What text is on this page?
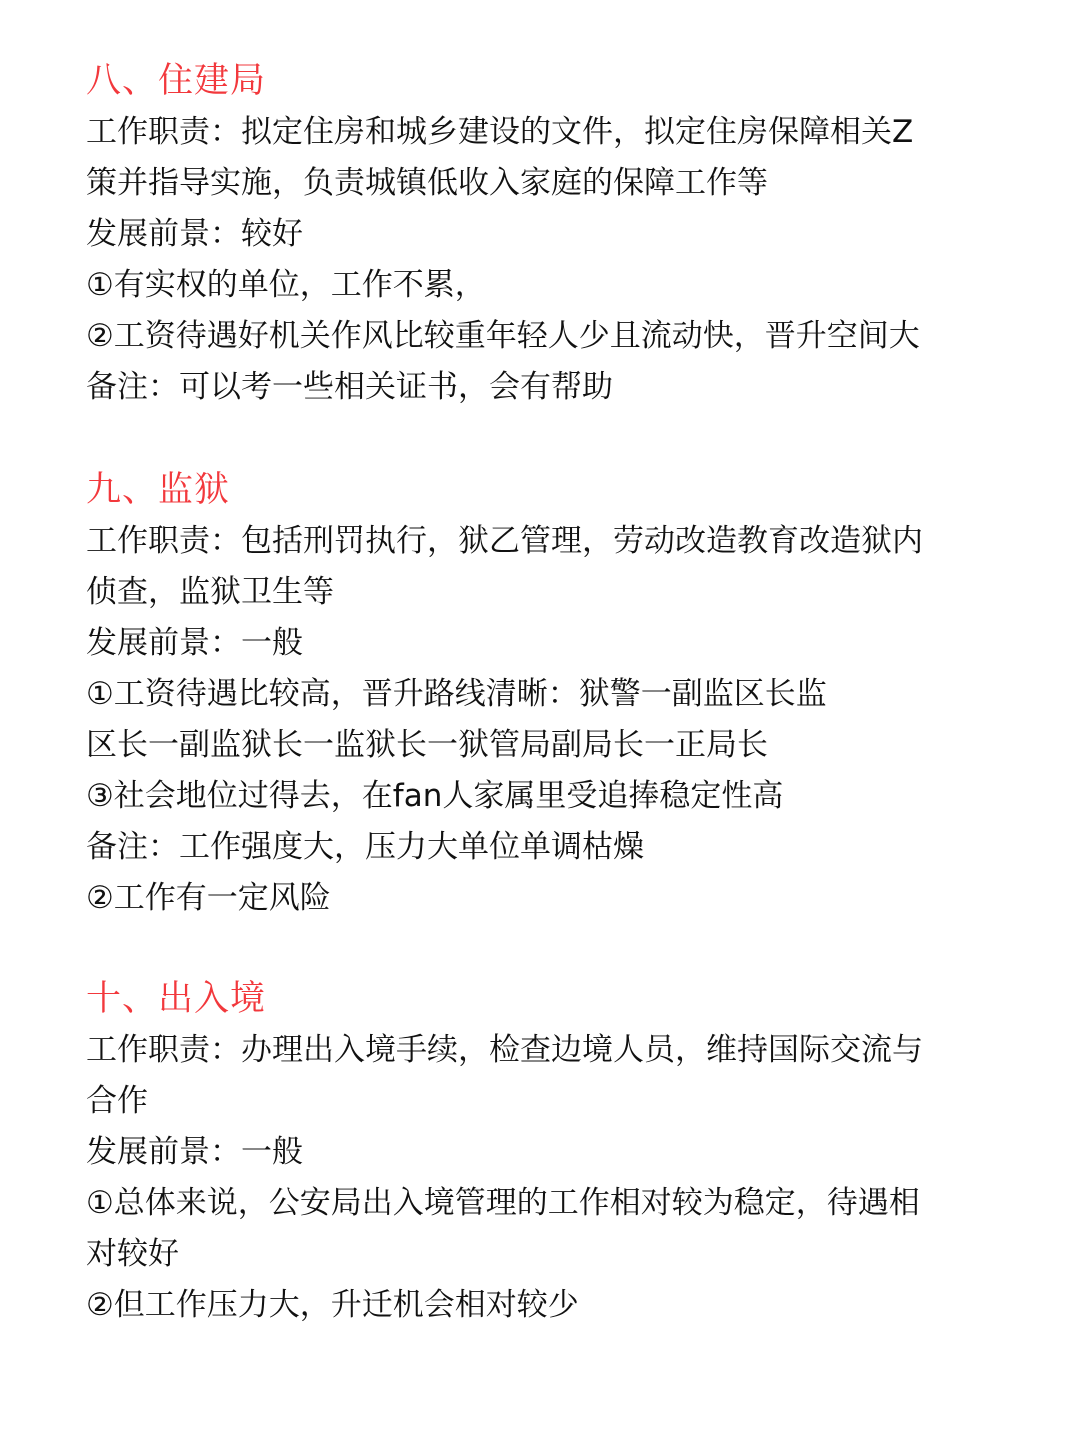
八、住建局
工作职责：拟定住房和城乡建设的文件，拟定住房保障相关Z
策并指导实施，负责城镇低收入家庭的保障工作等
发展前景：较好
①有实权的单位，工作不累，
②工资待遇好机关作风比较重年轻人少且流动快，晋升空间大
备注：可以考一些相关证书，会有帮助
九、监狱
工作职责：包括刑罚执行，狱乙管理，劳动改造教育改造狱内
侦查，监狱卫生等
发展前景：一般
①工资待遇比较高，晋升路线清晰：狱警一副监区长监
区长一副监狱长一监狱长一狱管局副局长一正局长
③社会地位过得去，在fan人家属里受追捧稳定性高
备注：工作强度大，压力大单位单调枯燥
②工作有一定风险
十、出入境
工作职责：办理出入境手续，检查边境人员，维持国际交流与
合作
发展前景：一般
①总体来说，公安局出入境管理的工作相对较为稳定，待遇相
对较好
②但工作压力大，升迁机会相对较少
